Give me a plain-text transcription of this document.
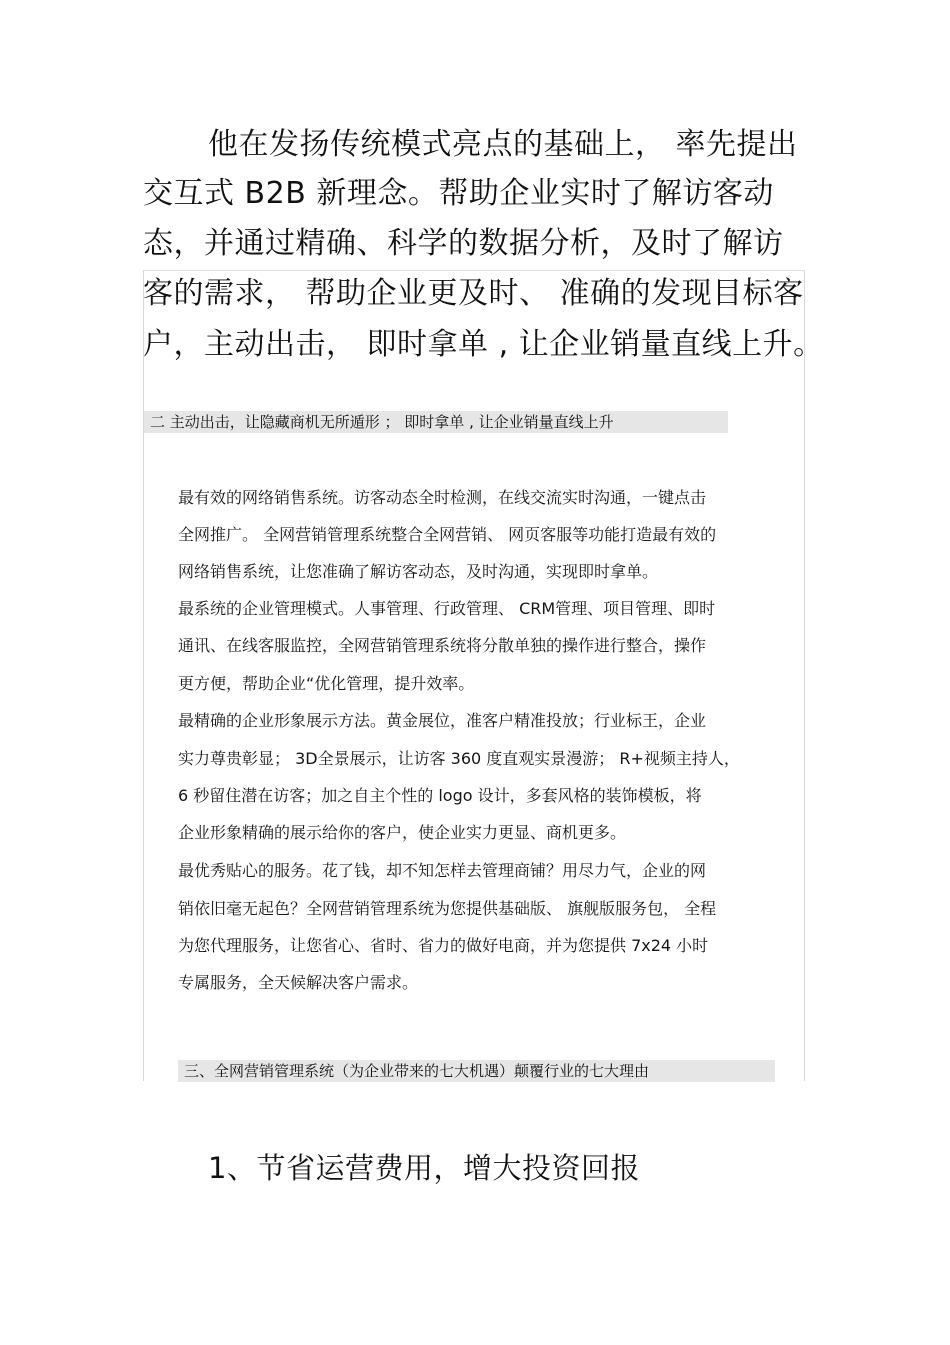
他在发扬传统模式亮点的基础上， 率先提出
交互式 B2B 新理念。帮助企业实时了解访客动
态，并通过精确、科学的数据分析，及时了解访
客的需求， 帮助企业更及时、 准确的发现目标客
户，主动出击， 即时拿单 , 让企业销量直线上升。
二 主动出击，让隐藏商机无所遁形 ； 即时拿单 , 让企业销量直线上升
最有效的网络销售系统。访客动态全时检测，在线交流实时沟通，一键点击
全网推广。 全网营销管理系统整合全网营销、 网页客服等功能打造最有效的
网络销售系统，让您准确了解访客动态，及时沟通，实现即时拿单。
最系统的企业管理模式。人事管理、行政管理、 CRM管理、项目管理、即时
通讯、在线客服监控，全网营销管理系统将分散单独的操作进行整合，操作
更方便，帮助企业“优化管理，提升效率。
最精确的企业形象展示方法。黄金展位，准客户精准投放；行业标王，企业
实力尊贵彰显； 3D全景展示，让访客 360 度直观实景漫游； R+视频主持人，
6 秒留住潜在访客；加之自主个性的 logo 设计，多套风格的装饰模板，将
企业形象精确的展示给你的客户，使企业实力更显、商机更多。
最优秀贴心的服务。花了钱，却不知怎样去管理商铺？用尽力气，企业的网
销依旧毫无起色？全网营销管理系统为您提供基础版、 旗舰版服务包， 全程
为您代理服务，让您省心、省时、省力的做好电商，并为您提供 7x24 小时
专属服务，全天候解决客户需求。
三、全网营销管理系统（为企业带来的七大机遇）颠覆行业的七大理由
1、节省运营费用，增大投资回报
